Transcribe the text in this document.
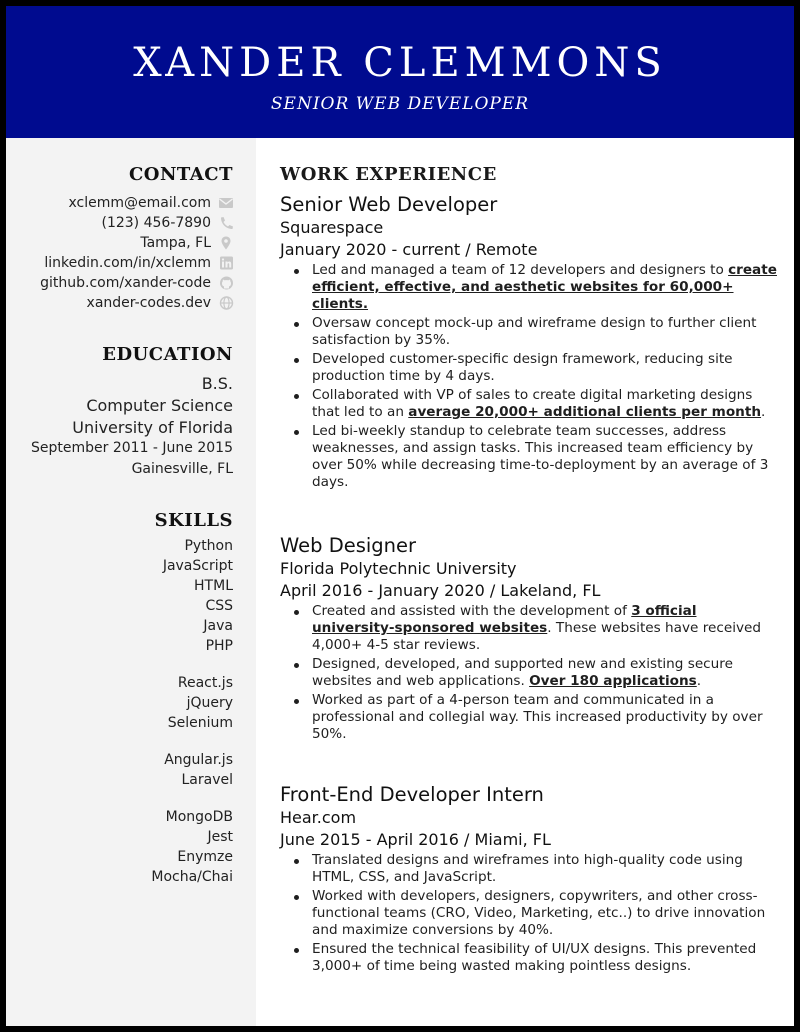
XANDER CLEMMONS
SENIOR WEB DEVELOPER
CONTACT
xclemm@email.com
(123) 456-7890
Tampa, FL
linkedin.com/in/xclemm
github.com/xander-code
xander-codes.dev
EDUCATION
B.S.
Computer Science
University of Florida
September 2011 - June 2015
Gainesville, FL
SKILLS
Python
JavaScript
HTML
CSS
Java
PHP
React.js
jQuery
Selenium
Angular.js
Laravel
MongoDB
Jest
Enymze
Mocha/Chai
WORK EXPERIENCE
Senior Web Developer
Squarespace
January 2020 - current / Remote
Led and managed a team of 12 developers and designers to create efficient, effective, and aesthetic websites for 60,000+ clients.
Oversaw concept mock-up and wireframe design to further client satisfaction by 35%.
Developed customer-specific design framework, reducing site production time by 4 days.
Collaborated with VP of sales to create digital marketing designs that led to an average 20,000+ additional clients per month.
Led bi-weekly standup to celebrate team successes, address weaknesses, and assign tasks. This increased team efficiency by over 50% while decreasing time-to-deployment by an average of 3 days.
Web Designer
Florida Polytechnic University
April 2016 - January 2020 / Lakeland, FL
Created and assisted with the development of 3 official university-sponsored websites. These websites have received 4,000+ 4-5 star reviews.
Designed, developed, and supported new and existing secure websites and web applications. Over 180 applications.
Worked as part of a 4-person team and communicated in a professional and collegial way. This increased productivity by over 50%.
Front-End Developer Intern
Hear.com
June 2015 - April 2016 / Miami, FL
Translated designs and wireframes into high-quality code using HTML, CSS, and JavaScript.
Worked with developers, designers, copywriters, and other cross-functional teams (CRO, Video, Marketing, etc..) to drive innovation and maximize conversions by 40%.
Ensured the technical feasibility of UI/UX designs. This prevented 3,000+ of time being wasted making pointless designs.
